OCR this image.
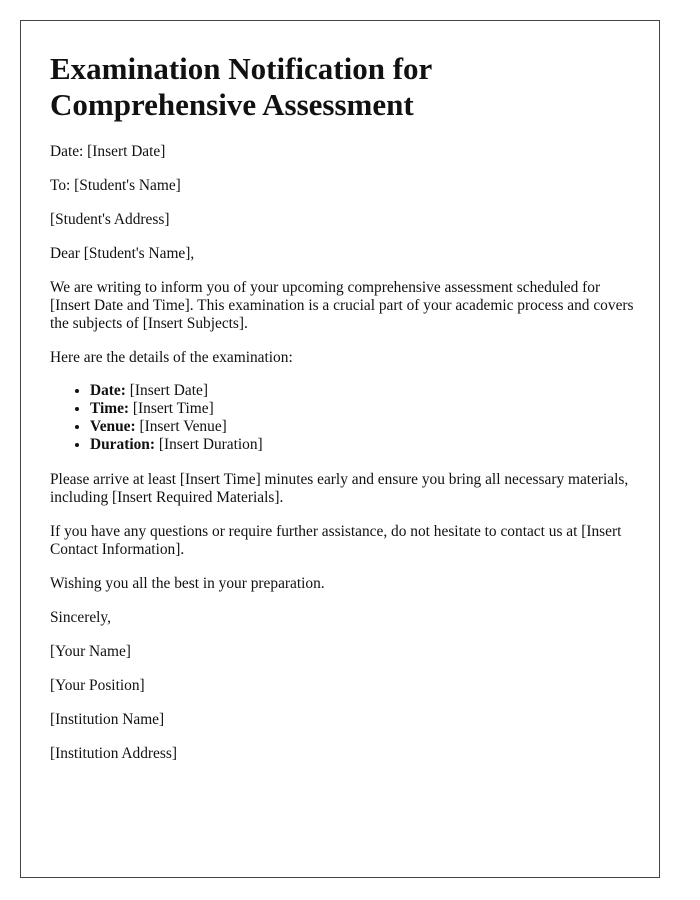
Examination Notification for
Comprehensive Assessment

Date: [Insert Date]

To: [Student's Name]

[Student's Address]

Dear [Student's Name],

We are writing to inform you of your upcoming comprehensive assessment scheduled for [Insert Date and Time]. This examination is a crucial part of your academic process and covers the subjects of [Insert Subjects].

Here are the details of the examination:

• Date: [Insert Date]
• Time: [Insert Time]
• Venue: [Insert Venue]
• Duration: [Insert Duration]

Please arrive at least [Insert Time] minutes early and ensure you bring all necessary materials, including [Insert Required Materials].

If you have any questions or require further assistance, do not hesitate to contact us at [Insert Contact Information].

Wishing you all the best in your preparation.

Sincerely,

[Your Name]

[Your Position]

[Institution Name]

[Institution Address]
